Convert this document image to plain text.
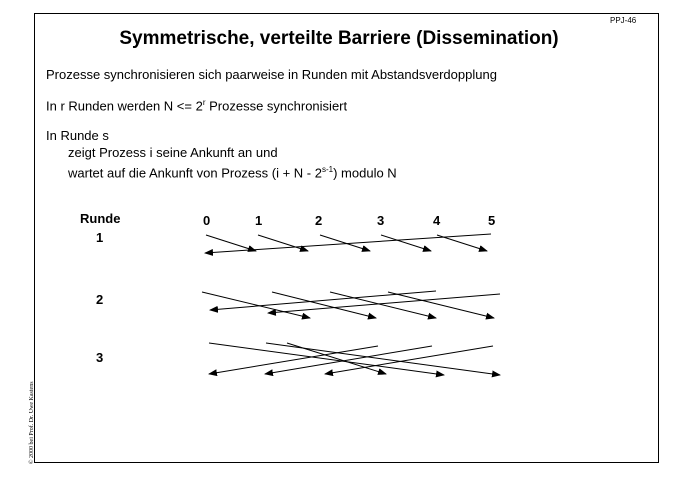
PPJ-46
Symmetrische, verteilte Barriere (Dissemination)
Prozesse synchronisieren sich paarweise in Runden mit Abstandsverdopplung
In r Runden werden $N <= 2^r$ Prozesse synchronisiert
In Runde s
zeigt Prozess i seine Ankunft an und
wartet auf die Ankunft von Prozess (i + N - 2$^{s-1}$) modulo N
Runde
1
2
3
0	1	2	3	4	5
© 2000 bei Prof. Dr. Uwe Kastens
